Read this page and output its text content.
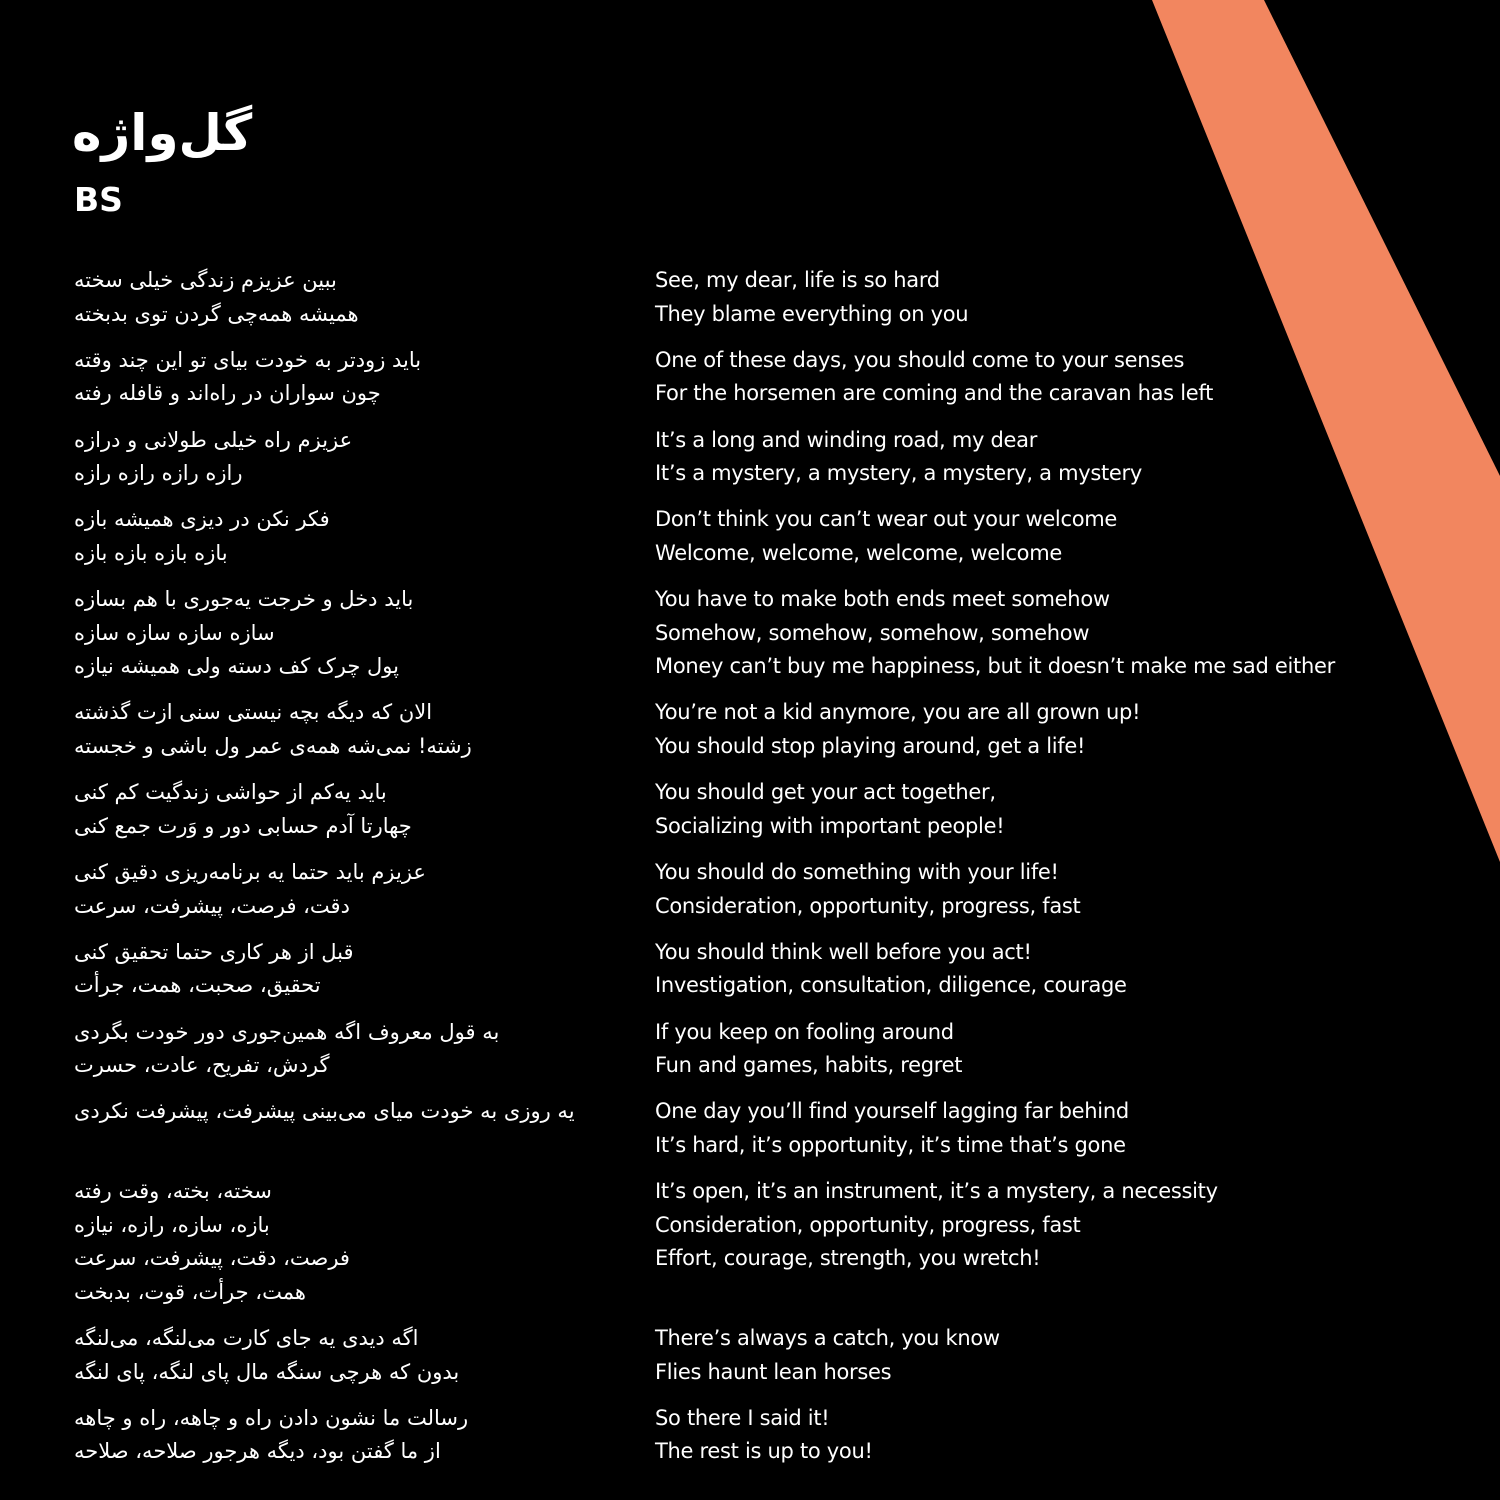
گل‌واژه
BS
ببین عزیزم زندگی خیلی سخته
همیشه همه‌چی گردن توی بدبخته
باید زودتر به خودت بیای تو این چند وقته
چون سواران در راه‌اند و قافله رفته
عزیزم راه خیلی طولانی و درازه
رازه رازه رازه رازه
فکر نکن در دیزی همیشه بازه
بازه بازه بازه بازه
باید دخل و خرجت یه‌جوری با هم بسازه
سازه سازه سازه سازه
پول چرک کف دسته ولی همیشه نیازه
الان که دیگه بچه نیستی سنی ازت گذشته
زشته! نمی‌شه همه‌ی عمر ول باشی و خجسته
باید یه‌کم از حواشی زندگیت کم کنی
چهارتا آدم حسابی دور و وَرت جمع کنی
عزیزم باید حتما یه برنامه‌ریزی دقیق کنی
دقت، فرصت، پیشرفت، سرعت
قبل از هر کاری حتما تحقیق کنی
تحقیق، صحبت، همت، جرأت
به قول معروف اگه همین‌جوری دور خودت بگردی
گردش، تفریح، عادت، حسرت
یه روزی به خودت میای می‌بینی پیشرفت، پیشرفت نکردی
سخته، بخته، وقت رفته
بازه، سازه، رازه، نیازه
فرصت، دقت، پیشرفت، سرعت
همت، جرأت، قوت، بدبخت
اگه دیدی یه جای کارت می‌لنگه، می‌لنگه
بدون که هرچی سنگه مال پای لنگه، پای لنگه
رسالت ما نشون دادن راه و چاهه، راه و چاهه
از ما گفتن بود، دیگه هرجور صلاحه، صلاحه
See, my dear, life is so hard
They blame everything on you
One of these days, you should come to your senses
For the horsemen are coming and the caravan has left
It’s a long and winding road, my dear
It’s a mystery, a mystery, a mystery, a mystery
Don’t think you can’t wear out your welcome
Welcome, welcome, welcome, welcome
You have to make both ends meet somehow
Somehow, somehow, somehow, somehow
Money can’t buy me happiness, but it doesn’t make me sad either
You’re not a kid anymore, you are all grown up!
You should stop playing around, get a life!
You should get your act together,
Socializing with important people!
You should do something with your life!
Consideration, opportunity, progress, fast
You should think well before you act!
Investigation, consultation, diligence, courage
If you keep on fooling around
Fun and games, habits, regret
One day you’ll find yourself lagging far behind
It’s hard, it’s opportunity, it’s time that’s gone
It’s open, it’s an instrument, it’s a mystery, a necessity
Consideration, opportunity, progress, fast
Effort, courage, strength, you wretch!
There’s always a catch, you know
Flies haunt lean horses
So there I said it!
The rest is up to you!
